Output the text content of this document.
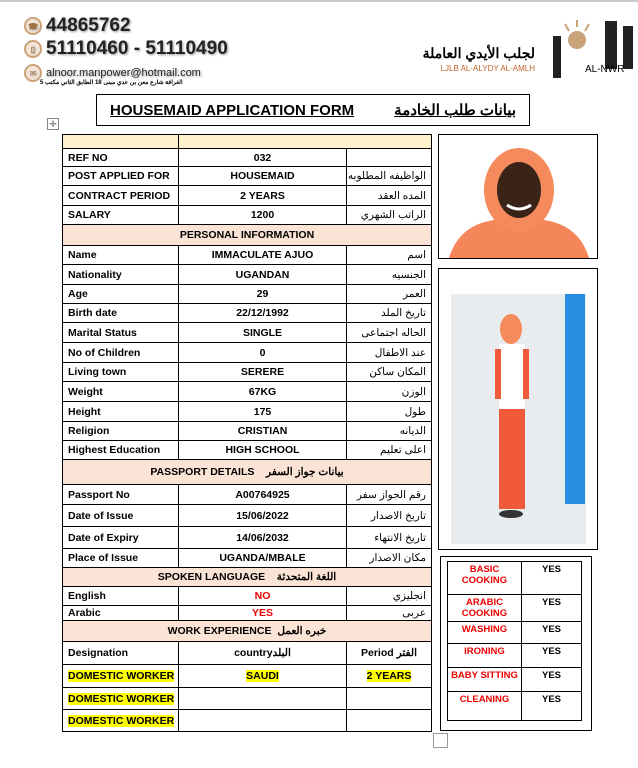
☎ 44865762
▯ 51110460 - 51110490
✉ alnoor.manpower@hotmail.com
الغرافة شارع معن بن عدي مبنى 18 الطابق الثاني مكتب 5
لجلب الأيدي العاملة
LJLB AL-ALYDY AL-AMLH	AL-NWR
HOUSEMAID APPLICATION FORM	بيانات طلب الخادمة
✛

REF NO	032	
POST APPLIED FOR	HOUSEMAID	الواظيفه المطلوبه
CONTRACT PERIOD	2 YEARS	المده العقد
SALARY	1200	الراتب الشهري
PERSONAL INFORMATION		
Name	IMMACULATE AJUO	اسم
Nationality	UGANDAN	الجنسيه
Age	29	العمر
Birth date	22/12/1992	تاريخ الملد
Marital Status	SINGLE	الحاله اجتماعى
No of Children	0	عند الاطفال
Living town	SERERE	المكان ساكن
Weight	67KG	الوزن
Height	175	طول
Religion	CRISTIAN	الديانه
Highest Education	HIGH SCHOOL	اعلى تعليم
PASSPORT DETAILS بيانات جواز السفر		
Passport No	A00764925	رقم الجواز سفر
Date of Issue	15/06/2022	تاريخ الاصدار
Date of Expiry	14/06/2032	تاريخ الانتهاء
Place of Issue	UGANDA/MBALE	مكان الاصدار
SPOKEN LANGUAGE اللغة المتحدثة		
English	NO	انجليزي
Arabic	YES	عربى
WORK EXPERIENCE خبره العمل		
Designation	countryالبلد	Period الفتر
DOMESTIC WORKER	SAUDI	2 YEARS
DOMESTIC WORKER		
DOMESTIC WORKER		
BASIC COOKING	YES
ARABIC COOKING	YES
WASHING	YES
IRONING	YES
BABY SITTING	YES
CLEANING	YES
